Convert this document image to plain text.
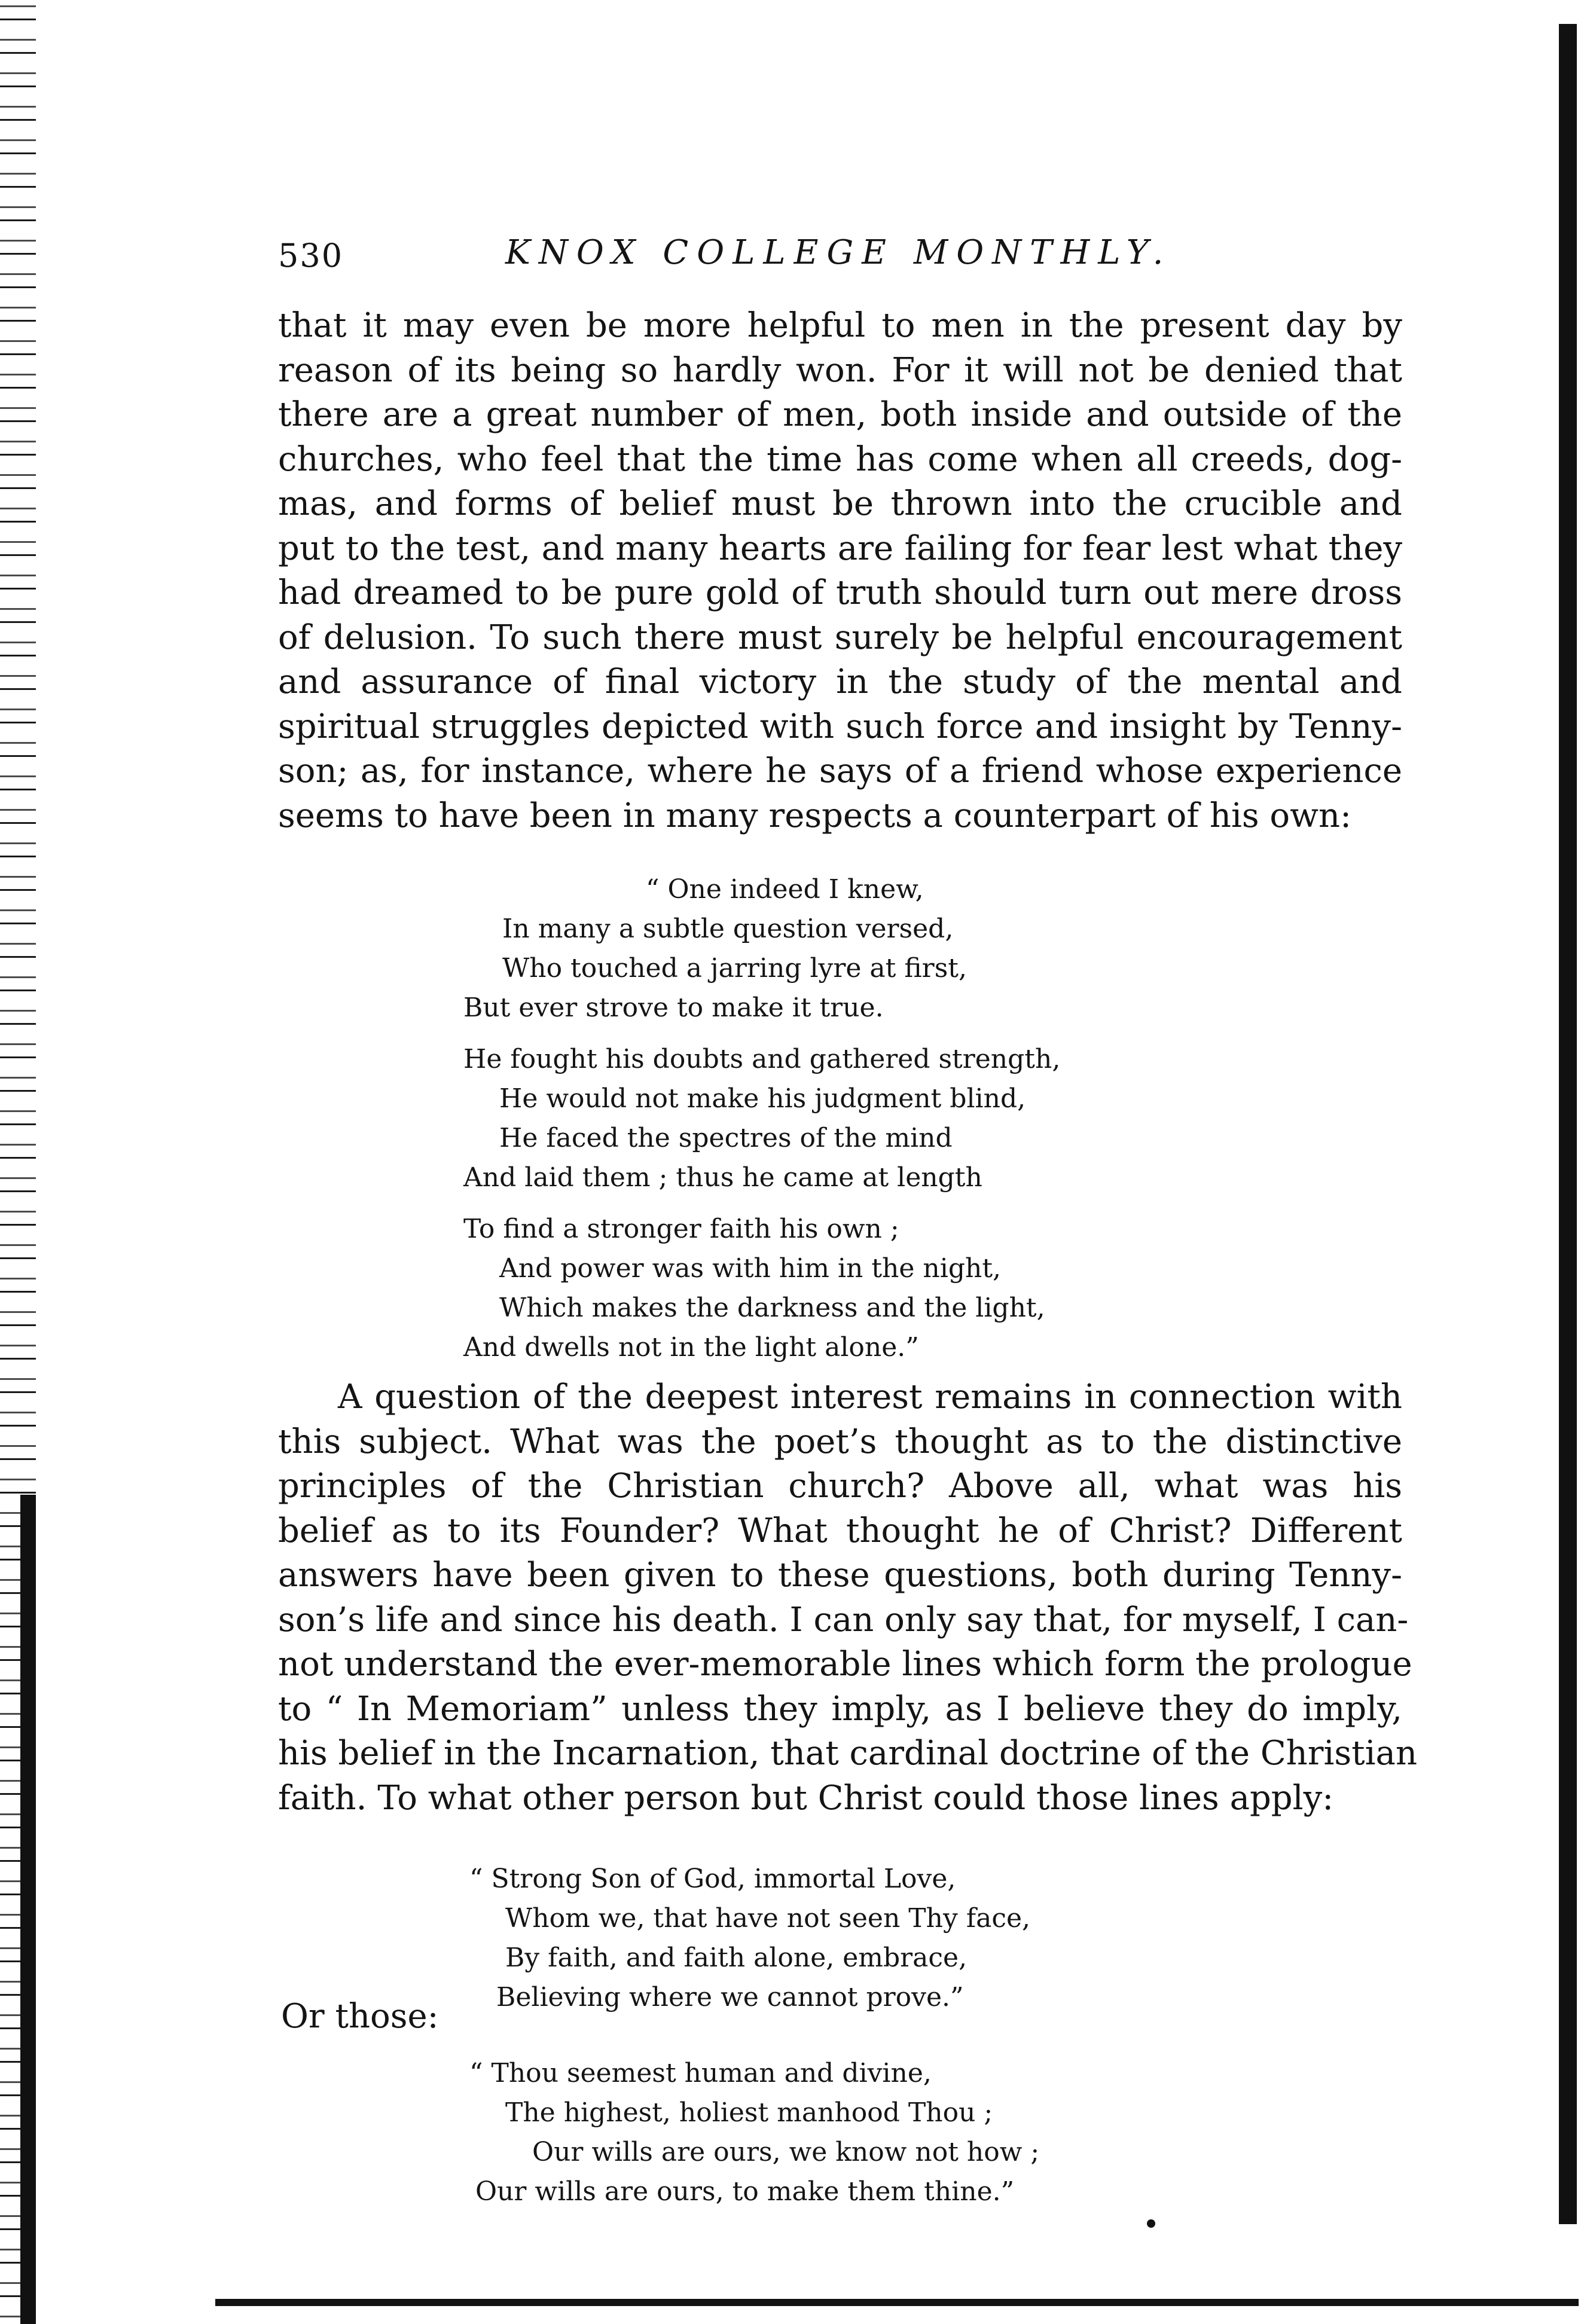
530	KNOX COLLEGE MONTHLY.
that it may even be more helpful to men in the present day by
reason of its being so hardly won. For it will not be denied that
there are a great number of men, both inside and outside of the
churches, who feel that the time has come when all creeds, dog-
mas, and forms of belief must be thrown into the crucible and
put to the test, and many hearts are failing for fear lest what they
had dreamed to be pure gold of truth should turn out mere dross
of delusion. To such there must surely be helpful encouragement
and assurance of final victory in the study of the mental and
spiritual struggles depicted with such force and insight by Tenny-
son; as, for instance, where he says of a friend whose experience
seems to have been in many respects a counterpart of his own:
“ One indeed I knew,
In many a subtle question versed,
Who touched a jarring lyre at first,
But ever strove to make it true.
He fought his doubts and gathered strength,
He would not make his judgment blind,
He faced the spectres of the mind
And laid them ; thus he came at length
To find a stronger faith his own ;
And power was with him in the night,
Which makes the darkness and the light,
And dwells not in the light alone.”
A question of the deepest interest remains in connection with
this subject. What was the poet’s thought as to the distinctive
principles of the Christian church? Above all, what was his
belief as to its Founder? What thought he of Christ? Different
answers have been given to these questions, both during Tenny-
son’s life and since his death. I can only say that, for myself, I can-
not understand the ever-memorable lines which form the prologue
to “ In Memoriam” unless they imply, as I believe they do imply,
his belief in the Incarnation, that cardinal doctrine of the Christian
faith. To what other person but Christ could those lines apply:
“ Strong Son of God, immortal Love,
Whom we, that have not seen Thy face,
By faith, and faith alone, embrace,
Believing where we cannot prove.”
Or those:
“ Thou seemest human and divine,
The highest, holiest manhood Thou ;
Our wills are ours, we know not how ;
Our wills are ours, to make them thine.”
